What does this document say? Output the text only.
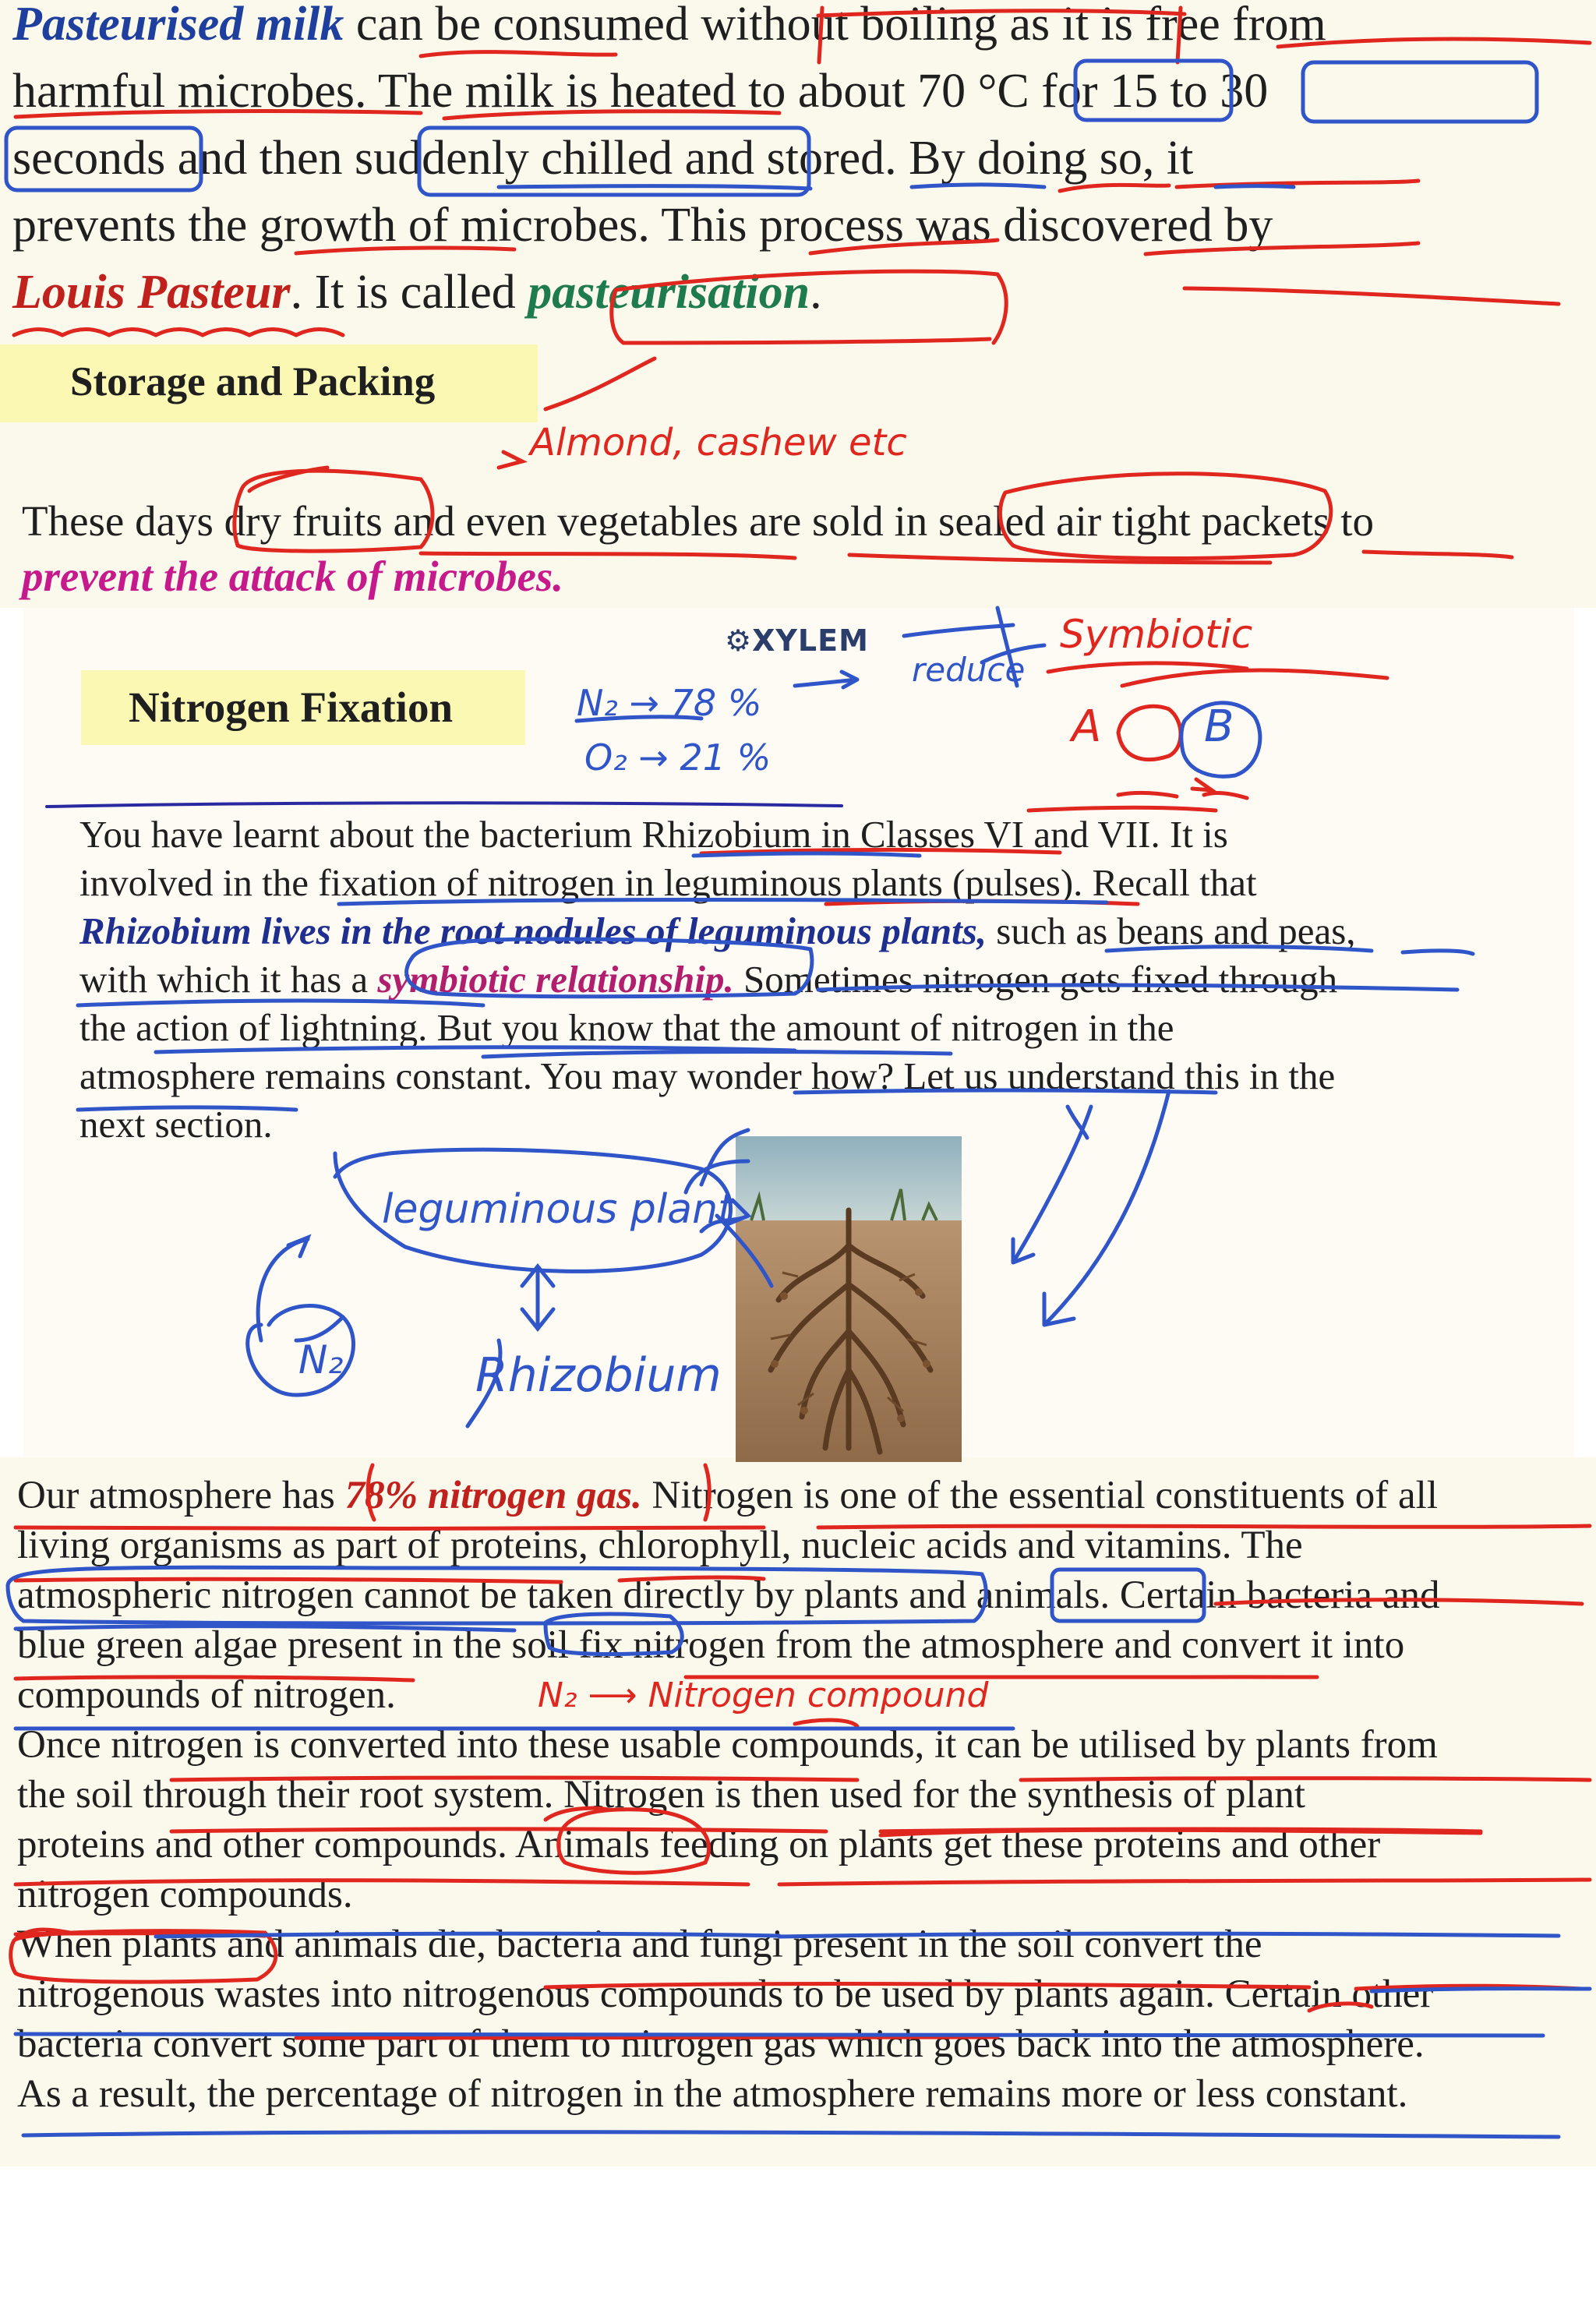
Pasteurised milk can be consumed without boiling as it is free from
harmful microbes. The milk is heated to about 70 °C for 15 to 30
seconds and then suddenly chilled and stored. By doing so, it
prevents the growth of microbes. This process was discovered by
Louis Pasteur. It is called pasteurisation.
Storage and Packing
These days dry fruits and even vegetables are sold in sealed air tight packets to
prevent the attack of microbes.
⚙XYLEM
Nitrogen Fixation
You have learnt about the bacterium Rhizobium in Classes VI and VII. It is
involved in the fixation of nitrogen in leguminous plants (pulses). Recall that
Rhizobium lives in the root nodules of leguminous plants, such as beans and peas,
with which it has a symbiotic relationship. Sometimes nitrogen gets fixed through
the action of lightning. But you know that the amount of nitrogen in the
atmosphere remains constant. You may wonder how? Let us understand this in the
next section.
Our atmosphere has 78% nitrogen gas. Nitrogen is one of the essential constituents of all
living organisms as part of proteins, chlorophyll, nucleic acids and vitamins. The
atmospheric nitrogen cannot be taken directly by plants and animals. Certain bacteria and
blue green algae present in the soil fix nitrogen from the atmosphere and convert it into
compounds of nitrogen.
Once nitrogen is converted into these usable compounds, it can be utilised by plants from
the soil through their root system. Nitrogen is then used for the synthesis of plant
proteins and other compounds. Animals feeding on plants get these proteins and other
nitrogen compounds.
When plants and animals die, bacteria and fungi present in the soil convert the
nitrogenous wastes into nitrogenous compounds to be used by plants again. Certain other
bacteria convert some part of them to nitrogen gas which goes back into the atmosphere.
As a result, the percentage of nitrogen in the atmosphere remains more or less constant.
Almond, cashew etc
N₂ → 78 %
O₂ → 21 %
reduce
Symbiotic
A B
leguminous plant
Rhizobium
N₂
N₂ ⟶ Nitrogen compound
